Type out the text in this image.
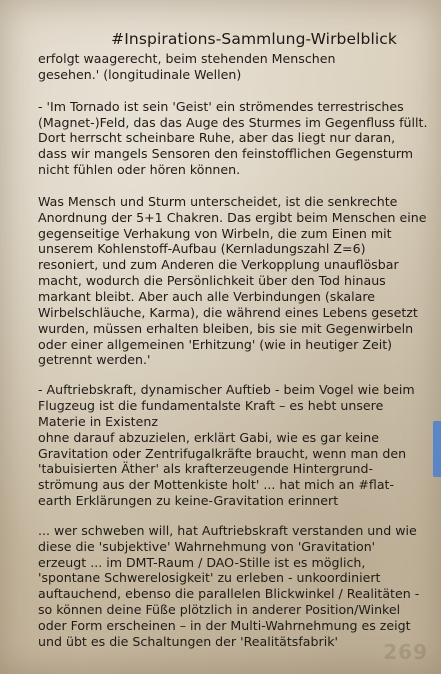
#Inspirations-Sammlung-Wirbelblick

erfolgt waagerecht, beim stehenden Menschen
gesehen.' (longitudinale Wellen)

- 'Im Tornado ist sein 'Geist' ein strömendes terrestrisches
(Magnet-)Feld, das das Auge des Sturmes im Gegenfluss füllt.
Dort herrscht scheinbare Ruhe, aber das liegt nur daran,
dass wir mangels Sensoren den feinstofflichen Gegensturm
nicht fühlen oder hören können.

Was Mensch und Sturm unterscheidet, ist die senkrechte
Anordnung der 5+1 Chakren. Das ergibt beim Menschen eine
gegenseitige Verhakung von Wirbeln, die zum Einen mit
unserem Kohlenstoff-Aufbau (Kernladungszahl Z=6)
resoniert, und zum Anderen die Verkopplung unauflösbar
macht, wodurch die Persönlichkeit über den Tod hinaus
markant bleibt. Aber auch alle Verbindungen (skalare
Wirbelschläuche, Karma), die während eines Lebens gesetzt
wurden, müssen erhalten bleiben, bis sie mit Gegenwirbeln
oder einer allgemeinen 'Erhitzung' (wie in heutiger Zeit)
getrennt werden.'

- Auftriebskraft, dynamischer Auftieb - beim Vogel wie beim
Flugzeug ist die fundamentalste Kraft – es hebt unsere
Materie in Existenz
ohne darauf abzuzielen, erklärt Gabi, wie es gar keine
Gravitation oder Zentrifugalkräfte braucht, wenn man den
'tabuisierten Äther' als krafterzeugende Hintergrund-
strömung aus der Mottenkiste holt' ... hat mich an #flat-
earth Erklärungen zu keine-Gravitation erinnert

... wer schweben will, hat Auftriebskraft verstanden und wie
diese die 'subjektive' Wahrnehmung von 'Gravitation'
erzeugt ... im DMT-Raum / DAO-Stille ist es möglich,
'spontane Schwerelosigkeit' zu erleben - unkoordiniert
auftauchend, ebenso die parallelen Blickwinkel / Realitäten -
so können deine Füße plötzlich in anderer Position/Winkel
oder Form erscheinen – in der Multi-Wahrnehmung es zeigt
und übt es die Schaltungen der 'Realitätsfabrik'	269
